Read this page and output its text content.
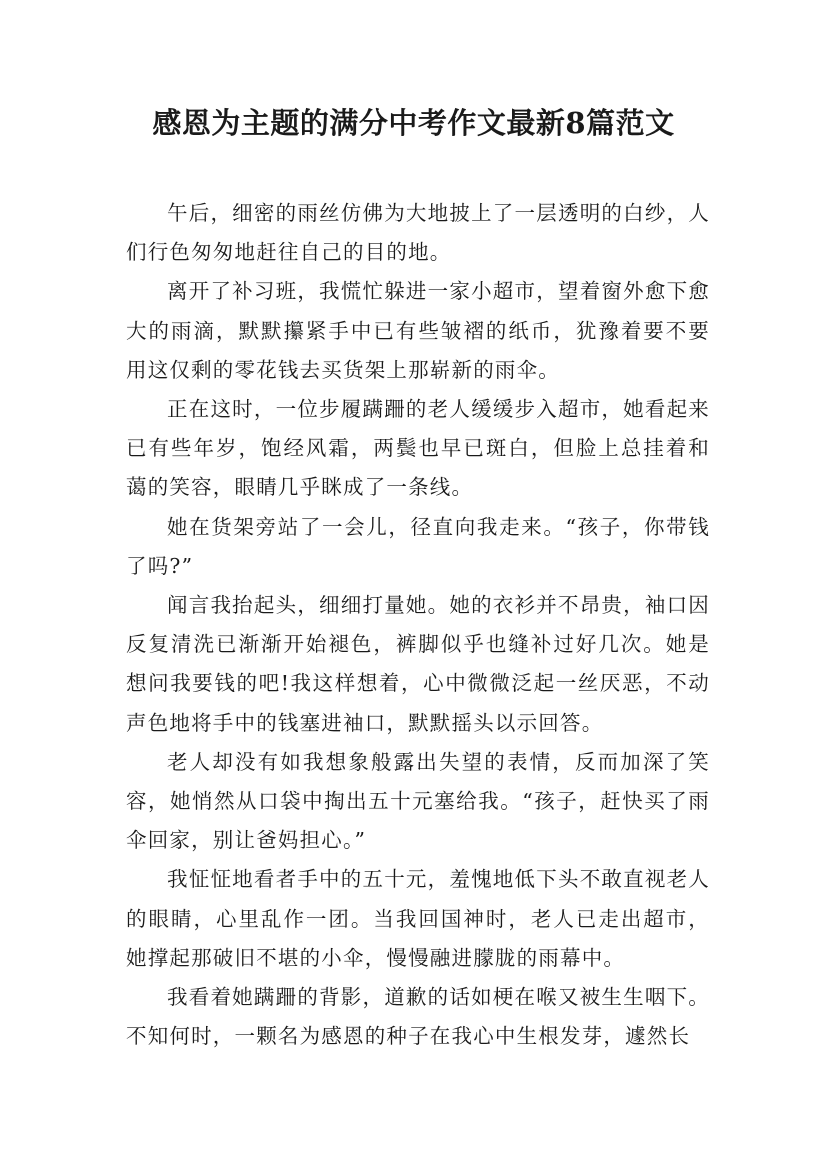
感恩为主题的满分中考作文最新8篇范文

午后，细密的雨丝仿佛为大地披上了一层透明的白纱，人们行色匆匆地赶往自己的目的地。

离开了补习班，我慌忙躲进一家小超市，望着窗外愈下愈大的雨滴，默默攥紧手中已有些皱褶的纸币，犹豫着要不要用这仅剩的零花钱去买货架上那崭新的雨伞。

正在这时，一位步履蹒跚的老人缓缓步入超市，她看起来已有些年岁，饱经风霜，两鬓也早已斑白，但脸上总挂着和蔼的笑容，眼睛几乎眯成了一条线。

她在货架旁站了一会儿，径直向我走来。“孩子，你带钱了吗?”

闻言我抬起头，细细打量她。她的衣衫并不昂贵，袖口因反复清洗已渐渐开始褪色，裤脚似乎也缝补过好几次。她是想问我要钱的吧!我这样想着，心中微微泛起一丝厌恶，不动声色地将手中的钱塞进袖口，默默摇头以示回答。

老人却没有如我想象般露出失望的表情，反而加深了笑容，她悄然从口袋中掏出五十元塞给我。“孩子，赶快买了雨伞回家，别让爸妈担心。”

我怔怔地看者手中的五十元，羞愧地低下头不敢直视老人的眼睛，心里乱作一团。当我回国神时，老人已走出超市，她撑起那破旧不堪的小伞，慢慢融进朦胧的雨幕中。

我看着她蹒跚的背影，道歉的话如梗在喉又被生生咽下。不知何时，一颗名为感恩的种子在我心中生根发芽，遽然长
